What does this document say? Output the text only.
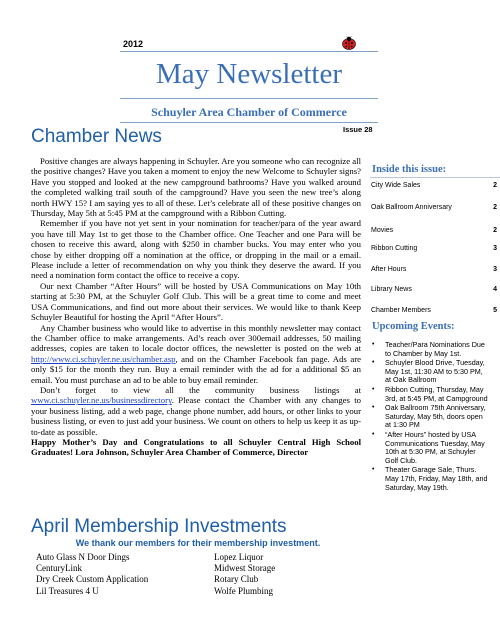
2012
May Newsletter
Schuyler Area Chamber of Commerce
Issue 28
Chamber News

Positive changes are always happening in Schuyler. Are you someone who can recognize all the positive changes? Have you taken a moment to enjoy the new Welcome to Schuyler signs? Have you stopped and looked at the new campground bathrooms? Have you walked around the completed walking trail south of the campground? Have you seen the new tree’s along north HWY 15? I am saying yes to all of these. Let’s celebrate all of these positive changes on Thursday, May 5th at 5:45 PM at the campground with a Ribbon Cutting.

Remember if you have not yet sent in your nomination for teacher/para of the year award you have till May 1st to get those to the Chamber office. One Teacher and one Para will be chosen to receive this award, along with $250 in chamber bucks. You may enter who you chose by either dropping off a nomination at the office, or dropping in the mail or a email. Please include a letter of recommendation on why you think they deserve the award. If you need a nomination form contact the office to receive a copy.

Our next Chamber “After Hours” will be hosted by USA Communications on May 10th starting at 5:30 PM, at the Schuyler Golf Club. This will be a great time to come and meet USA Communications, and find out more about their services. We would like to thank Keep Schuyler Beautiful for hosting the April “After Hours”.

Any Chamber business who would like to advertise in this monthly newsletter may contact the Chamber office to make arrangements. Ad’s reach over 300email addresses, 50 mailing addresses, copies are taken to locale doctor offices, the newsletter is posted on the web at http://www.ci.schuyler.ne.us/chamber.asp, and on the Chamber Facebook fan page. Ads are only $15 for the month they run. Buy a email reminder with the ad for a additional $5 an email. You must purchase an ad to be able to buy email reminder.

Don’t forget to view all the community business listings at www.ci.schuyler.ne.us/businessdirectory. Please contact the Chamber with any changes to your business listing, add a web page, change phone number, add hours, or other links to your business listing, or even to just add your business. We count on others to help us keep it as up-to-date as possible.

Happy Mother’s Day and Congratulations to all Schuyler Central High School Graduates! Lora Johnson, Schuyler Area Chamber of Commerce, Director

Inside this issue:
City Wide Sales	2
Oak Ballroom Anniversary	2
Movies	2
Ribbon Cutting	3
After Hours	3
Library News	4
Chamber Members	5
Upcoming Events:
• Teacher/Para Nominations Due to Chamber by May 1st.
• Schuyler Blood Drive, Tuesday, May 1st, 11:30 AM to 5:30 PM, at Oak Ballroom
• Ribbon Cutting, Thursday, May 3rd, at 5:45 PM, at Campground
• Oak Ballroom 75th Anniversary, Saturday, May 5th, doors open at 1:30 PM
• “After Hours” hosted by USA Communications Tuesday, May 10th at 5:30 PM, at Schuyler Golf Club.
• Theater Garage Sale, Thurs. May 17th, Friday, May 18th, and Saturday, May 19th.
April Membership Investments
We thank our members for their membership investment.
Auto Glass N Door Dings
CenturyLink
Dry Creek Custom Application
Lil Treasures 4 U
Lopez Liquor
Midwest Storage
Rotary Club
Wolfe Plumbing
